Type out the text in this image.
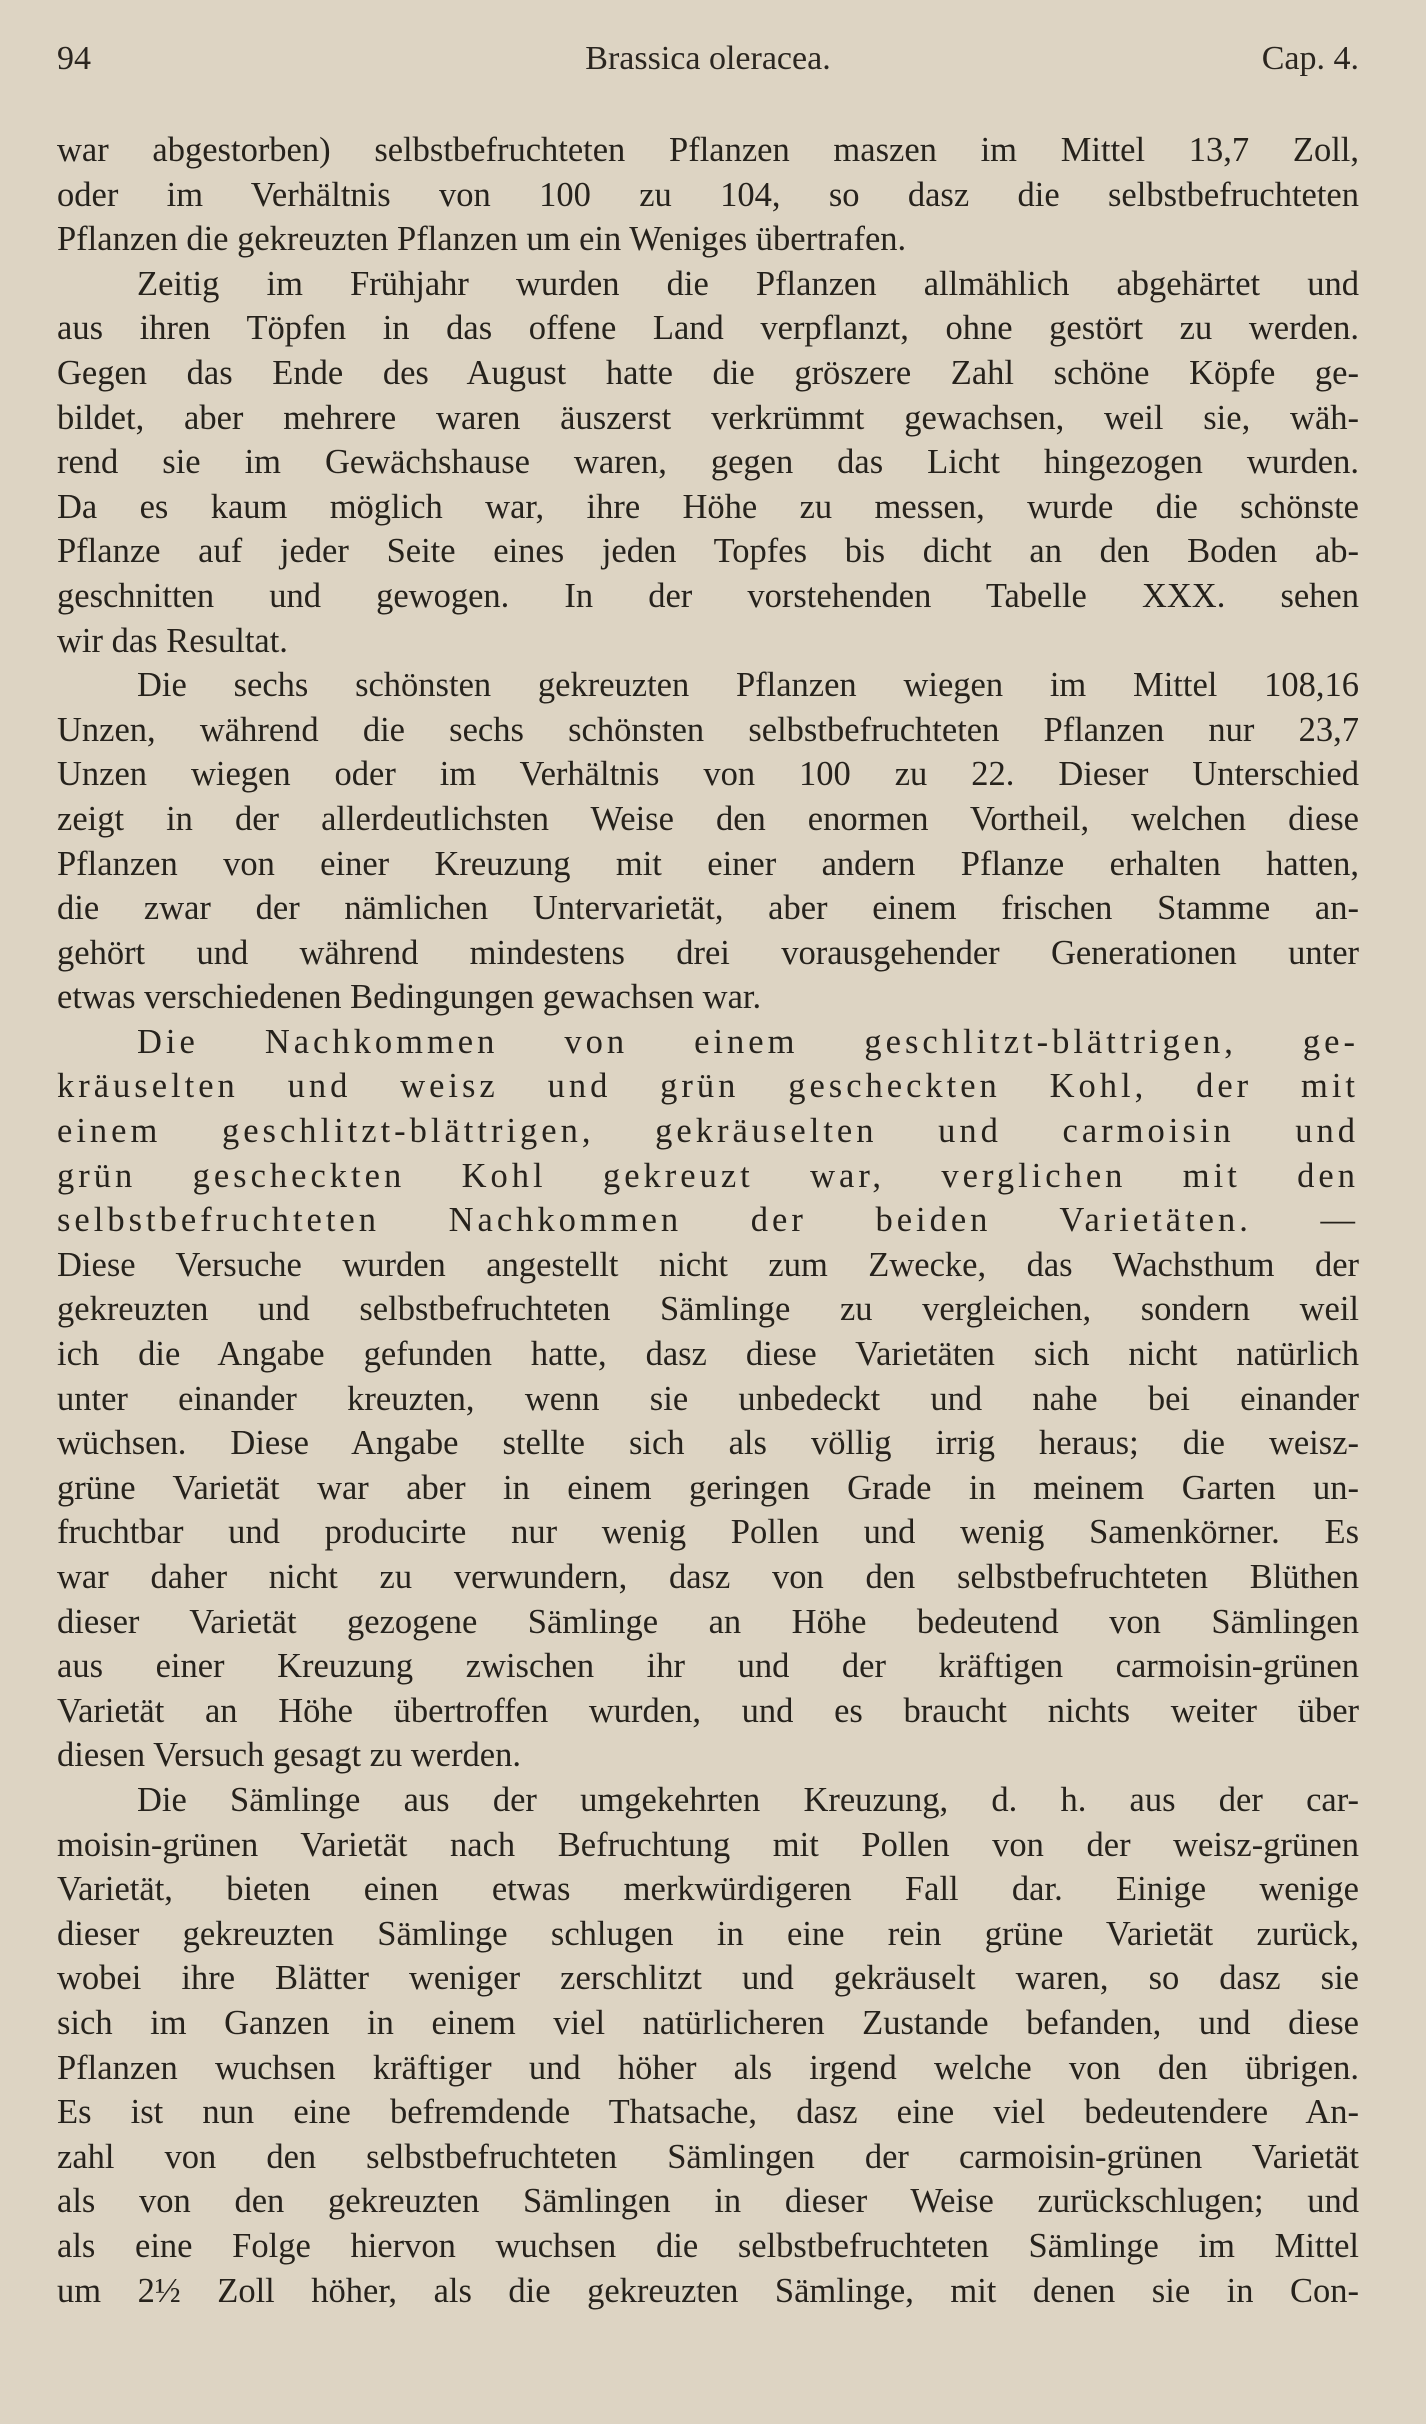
94	Brassica oleracea.	Cap. 4.
war abgestorben) selbstbefruchteten Pflanzen maszen im Mittel 13,7 Zoll,
oder im Verhältnis von 100 zu 104, so dasz die selbstbefruchteten
Pflanzen die gekreuzten Pflanzen um ein Weniges übertrafen.
Zeitig im Frühjahr wurden die Pflanzen allmählich abgehärtet und
aus ihren Töpfen in das offene Land verpflanzt, ohne gestört zu werden.
Gegen das Ende des August hatte die gröszere Zahl schöne Köpfe ge-
bildet, aber mehrere waren äuszerst verkrümmt gewachsen, weil sie, wäh-
rend sie im Gewächshause waren, gegen das Licht hingezogen wurden.
Da es kaum möglich war, ihre Höhe zu messen, wurde die schönste
Pflanze auf jeder Seite eines jeden Topfes bis dicht an den Boden ab-
geschnitten und gewogen. In der vorstehenden Tabelle XXX. sehen
wir das Resultat.
Die sechs schönsten gekreuzten Pflanzen wiegen im Mittel 108,16
Unzen, während die sechs schönsten selbstbefruchteten Pflanzen nur 23,7
Unzen wiegen oder im Verhältnis von 100 zu 22. Dieser Unterschied
zeigt in der allerdeutlichsten Weise den enormen Vortheil, welchen diese
Pflanzen von einer Kreuzung mit einer andern Pflanze erhalten hatten,
die zwar der nämlichen Untervarietät, aber einem frischen Stamme an-
gehört und während mindestens drei vorausgehender Generationen unter
etwas verschiedenen Bedingungen gewachsen war.
Die Nachkommen von einem geschlitzt-blättrigen, ge-
kräuselten und weisz und grün gescheckten Kohl, der mit
einem geschlitzt-blättrigen, gekräuselten und carmoisin und
grün gescheckten Kohl gekreuzt war, verglichen mit den
selbstbefruchteten Nachkommen der beiden Varietäten. —
Diese Versuche wurden angestellt nicht zum Zwecke, das Wachsthum der
gekreuzten und selbstbefruchteten Sämlinge zu vergleichen, sondern weil
ich die Angabe gefunden hatte, dasz diese Varietäten sich nicht natürlich
unter einander kreuzten, wenn sie unbedeckt und nahe bei einander
wüchsen. Diese Angabe stellte sich als völlig irrig heraus; die weisz-
grüne Varietät war aber in einem geringen Grade in meinem Garten un-
fruchtbar und producirte nur wenig Pollen und wenig Samenkörner. Es
war daher nicht zu verwundern, dasz von den selbstbefruchteten Blüthen
dieser Varietät gezogene Sämlinge an Höhe bedeutend von Sämlingen
aus einer Kreuzung zwischen ihr und der kräftigen carmoisin-grünen
Varietät an Höhe übertroffen wurden, und es braucht nichts weiter über
diesen Versuch gesagt zu werden.
Die Sämlinge aus der umgekehrten Kreuzung, d. h. aus der car-
moisin-grünen Varietät nach Befruchtung mit Pollen von der weisz-grünen
Varietät, bieten einen etwas merkwürdigeren Fall dar. Einige wenige
dieser gekreuzten Sämlinge schlugen in eine rein grüne Varietät zurück,
wobei ihre Blätter weniger zerschlitzt und gekräuselt waren, so dasz sie
sich im Ganzen in einem viel natürlicheren Zustande befanden, und diese
Pflanzen wuchsen kräftiger und höher als irgend welche von den übrigen.
Es ist nun eine befremdende Thatsache, dasz eine viel bedeutendere An-
zahl von den selbstbefruchteten Sämlingen der carmoisin-grünen Varietät
als von den gekreuzten Sämlingen in dieser Weise zurückschlugen; und
als eine Folge hiervon wuchsen die selbstbefruchteten Sämlinge im Mittel
um 2½ Zoll höher, als die gekreuzten Sämlinge, mit denen sie in Con-
